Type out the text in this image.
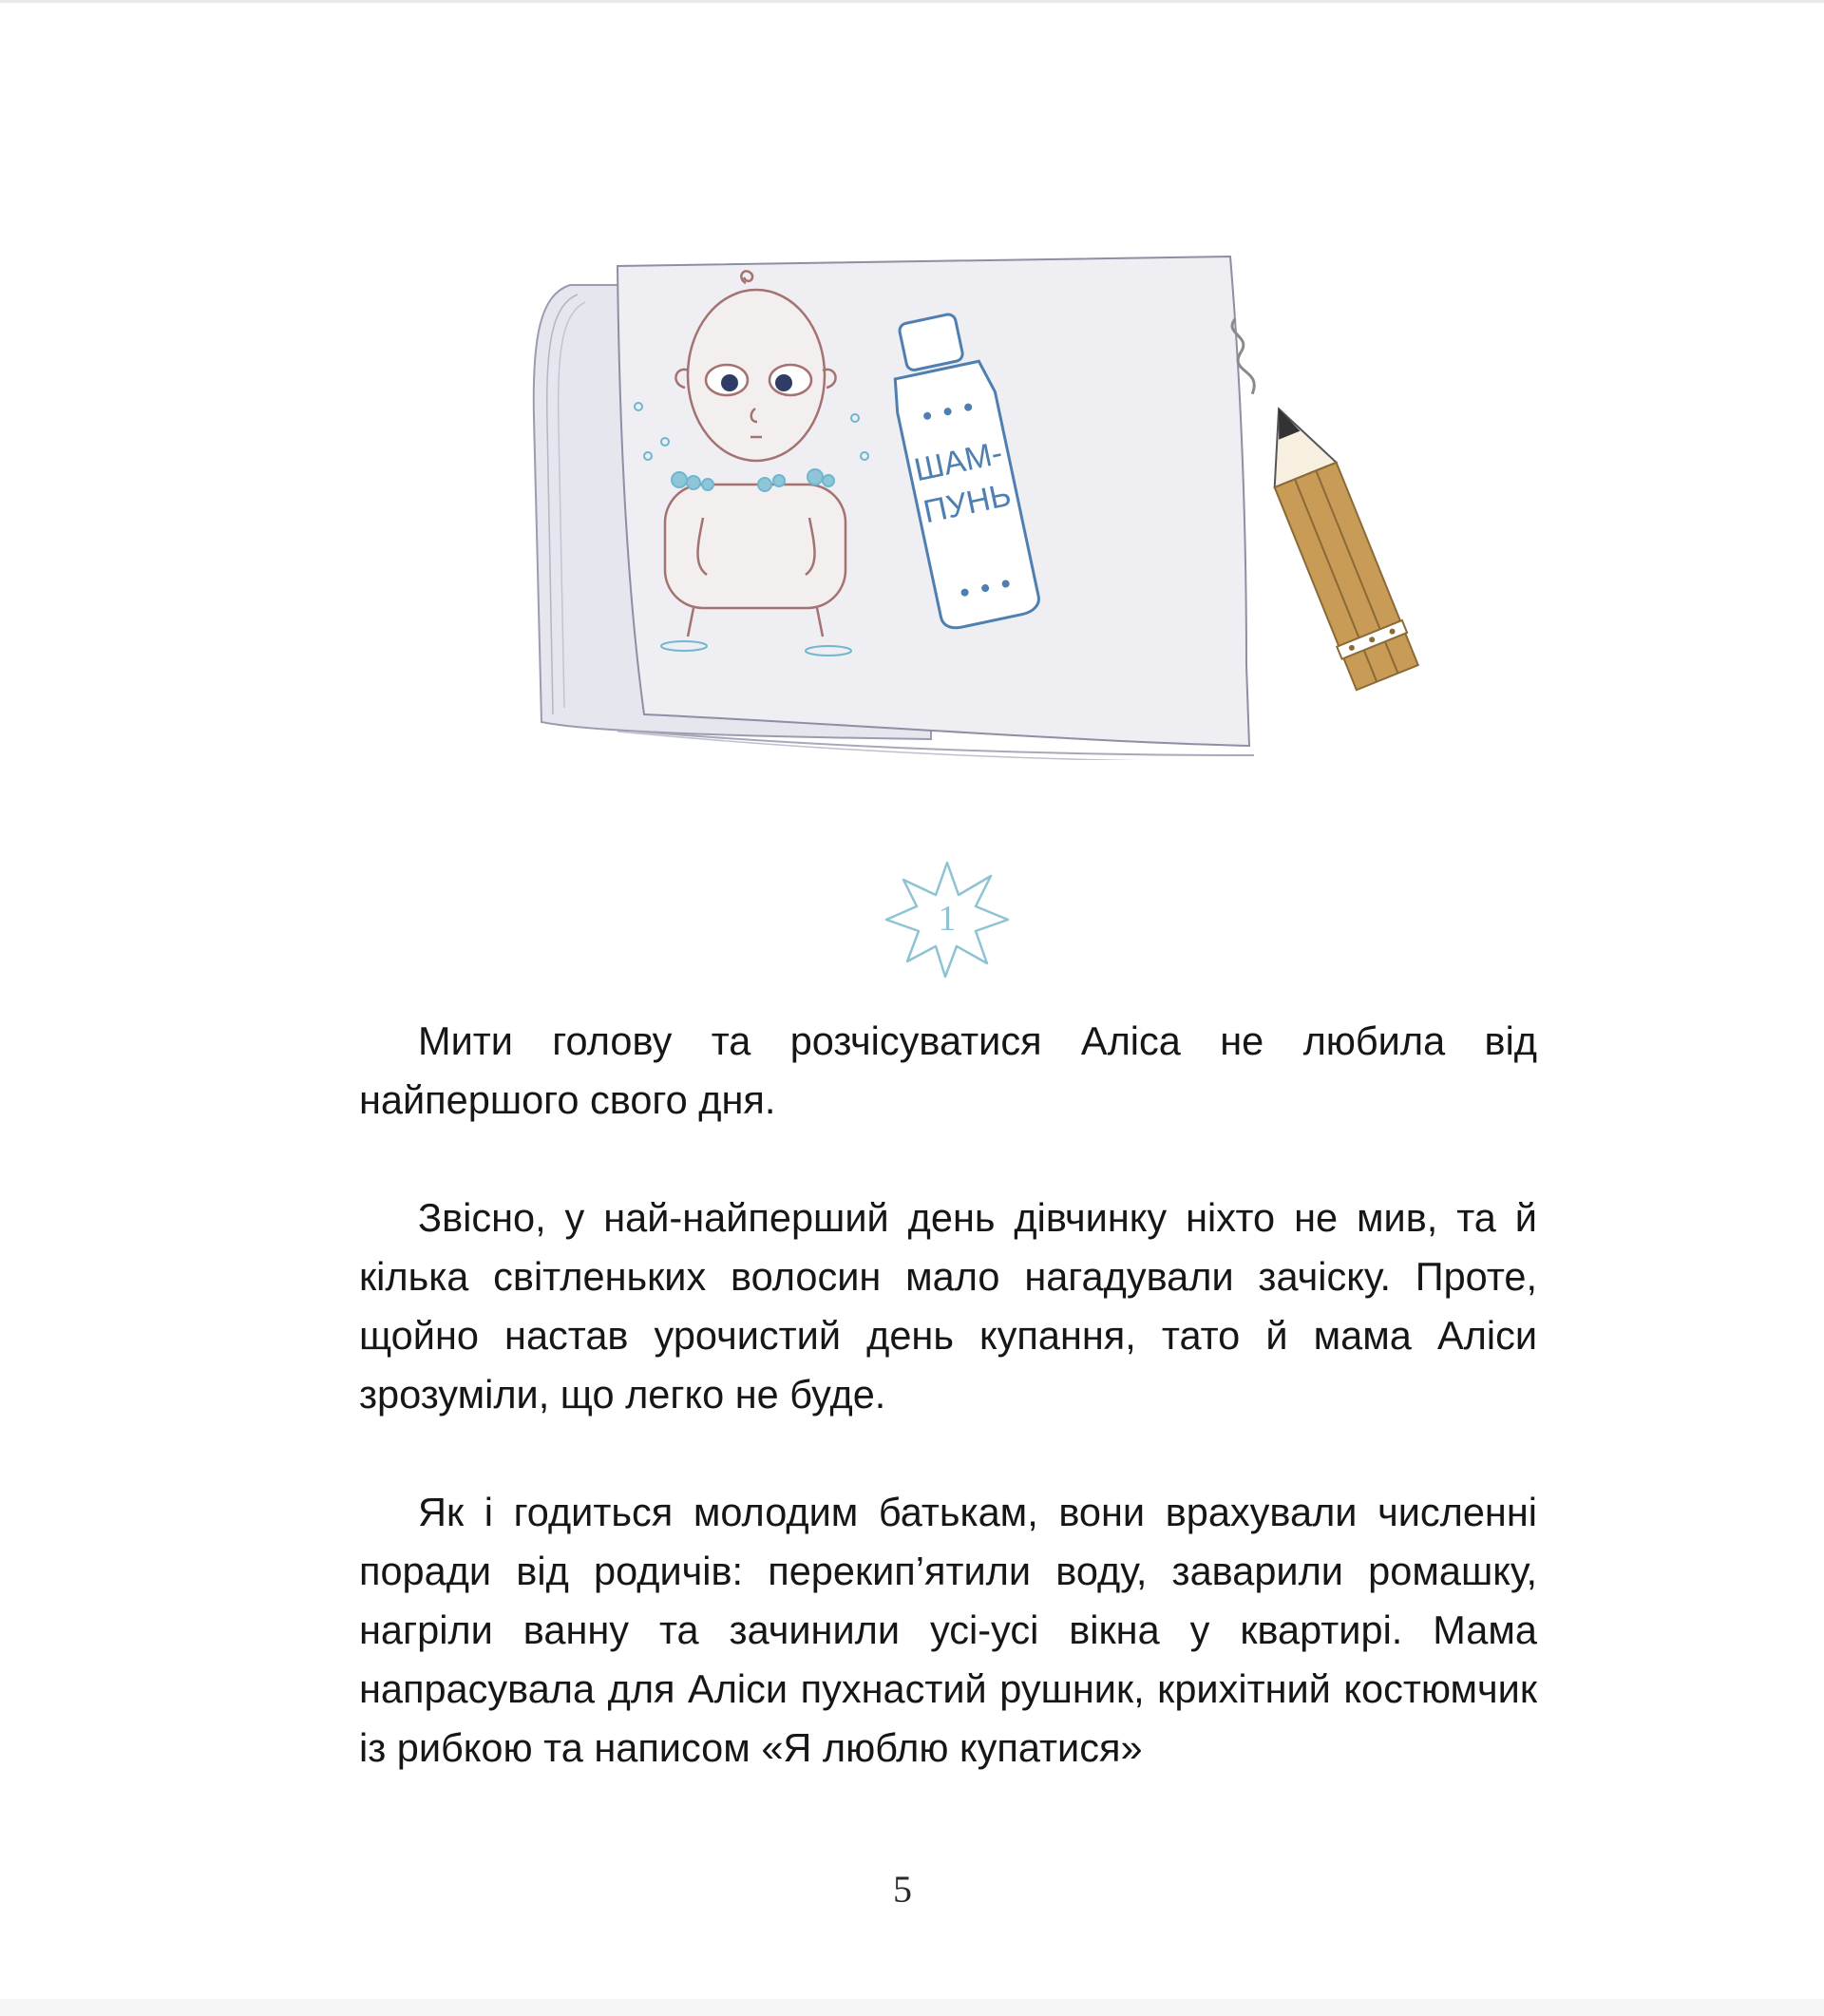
ШАМ-
ПУНЬ
1

Мити голову та розчісуватися Аліса не любила від найпершого свого дня.

Звісно, у най-найперший день дівчинку ніхто не мив, та й кілька світленьких волосин мало нагадували зачіску. Проте, щойно настав урочистий день купання, тато й мама Аліси зрозуміли, що легко не буде.

Як і годиться молодим батькам, вони врахували численні поради від родичів: перекип’ятили воду, заварили ромашку, нагріли ванну та зачинили усі-усі вікна у квартирі. Мама напрасувала для Аліси пухнастий рушник, крихітний костюмчик із рибкою та написом «Я люблю купатися»

5
